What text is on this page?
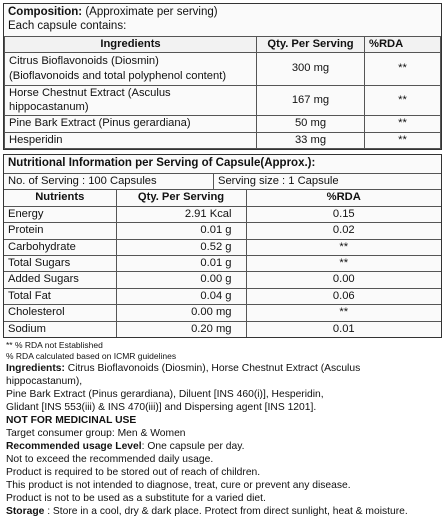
Composition: (Approximate per serving)
Each capsule contains:
Ingredients	Qty. Per Serving	%RDA

Citrus Bioflavonoids (Diosmin)
(Bioflavonoids and total polyphenol content)	300 mg	**
Horse Chestnut Extract (Asculus hippocastanum)	167 mg	**
Pine Bark Extract (Pinus gerardiana)	50 mg	**
Hesperidin	33 mg	**
Nutritional Information per Serving of Capsule(Approx.):
No. of Serving : 100 Capsules	Serving size : 1 Capsule
Nutrients	Qty. Per Serving	%RDA
Energy	2.91 Kcal	0.15
Protein	0.01 g	0.02
Carbohydrate	0.52 g	**
Total Sugars	0.01 g	**
Added Sugars	0.00 g	0.00
Total Fat	0.04 g	0.06
Cholesterol	0.00 mg	**
Sodium	0.20 mg	0.01
** % RDA not Established
% RDA calculated based on ICMR guidelines
Ingredients: Citrus Bioflavonoids (Diosmin), Horse Chestnut Extract (Asculus hippocastanum),
Pine Bark Extract (Pinus gerardiana), Diluent [INS 460(i)], Hesperidin,
Glidant [INS 553(iii) & INS 470(iii)] and Dispersing agent [INS 1201].
NOT FOR MEDICINAL USE
Target consumer group: Men & Women
Recommended usage Level: One capsule per day.
Not to exceed the recommended daily usage.
Product is required to be stored out of reach of children.
This product is not intended to diagnose, treat, cure or prevent any disease.
Product is not to be used as a substitute for a varied diet.
Storage : Store in a cool, dry & dark place. Protect from direct sunlight, heat & moisture.
